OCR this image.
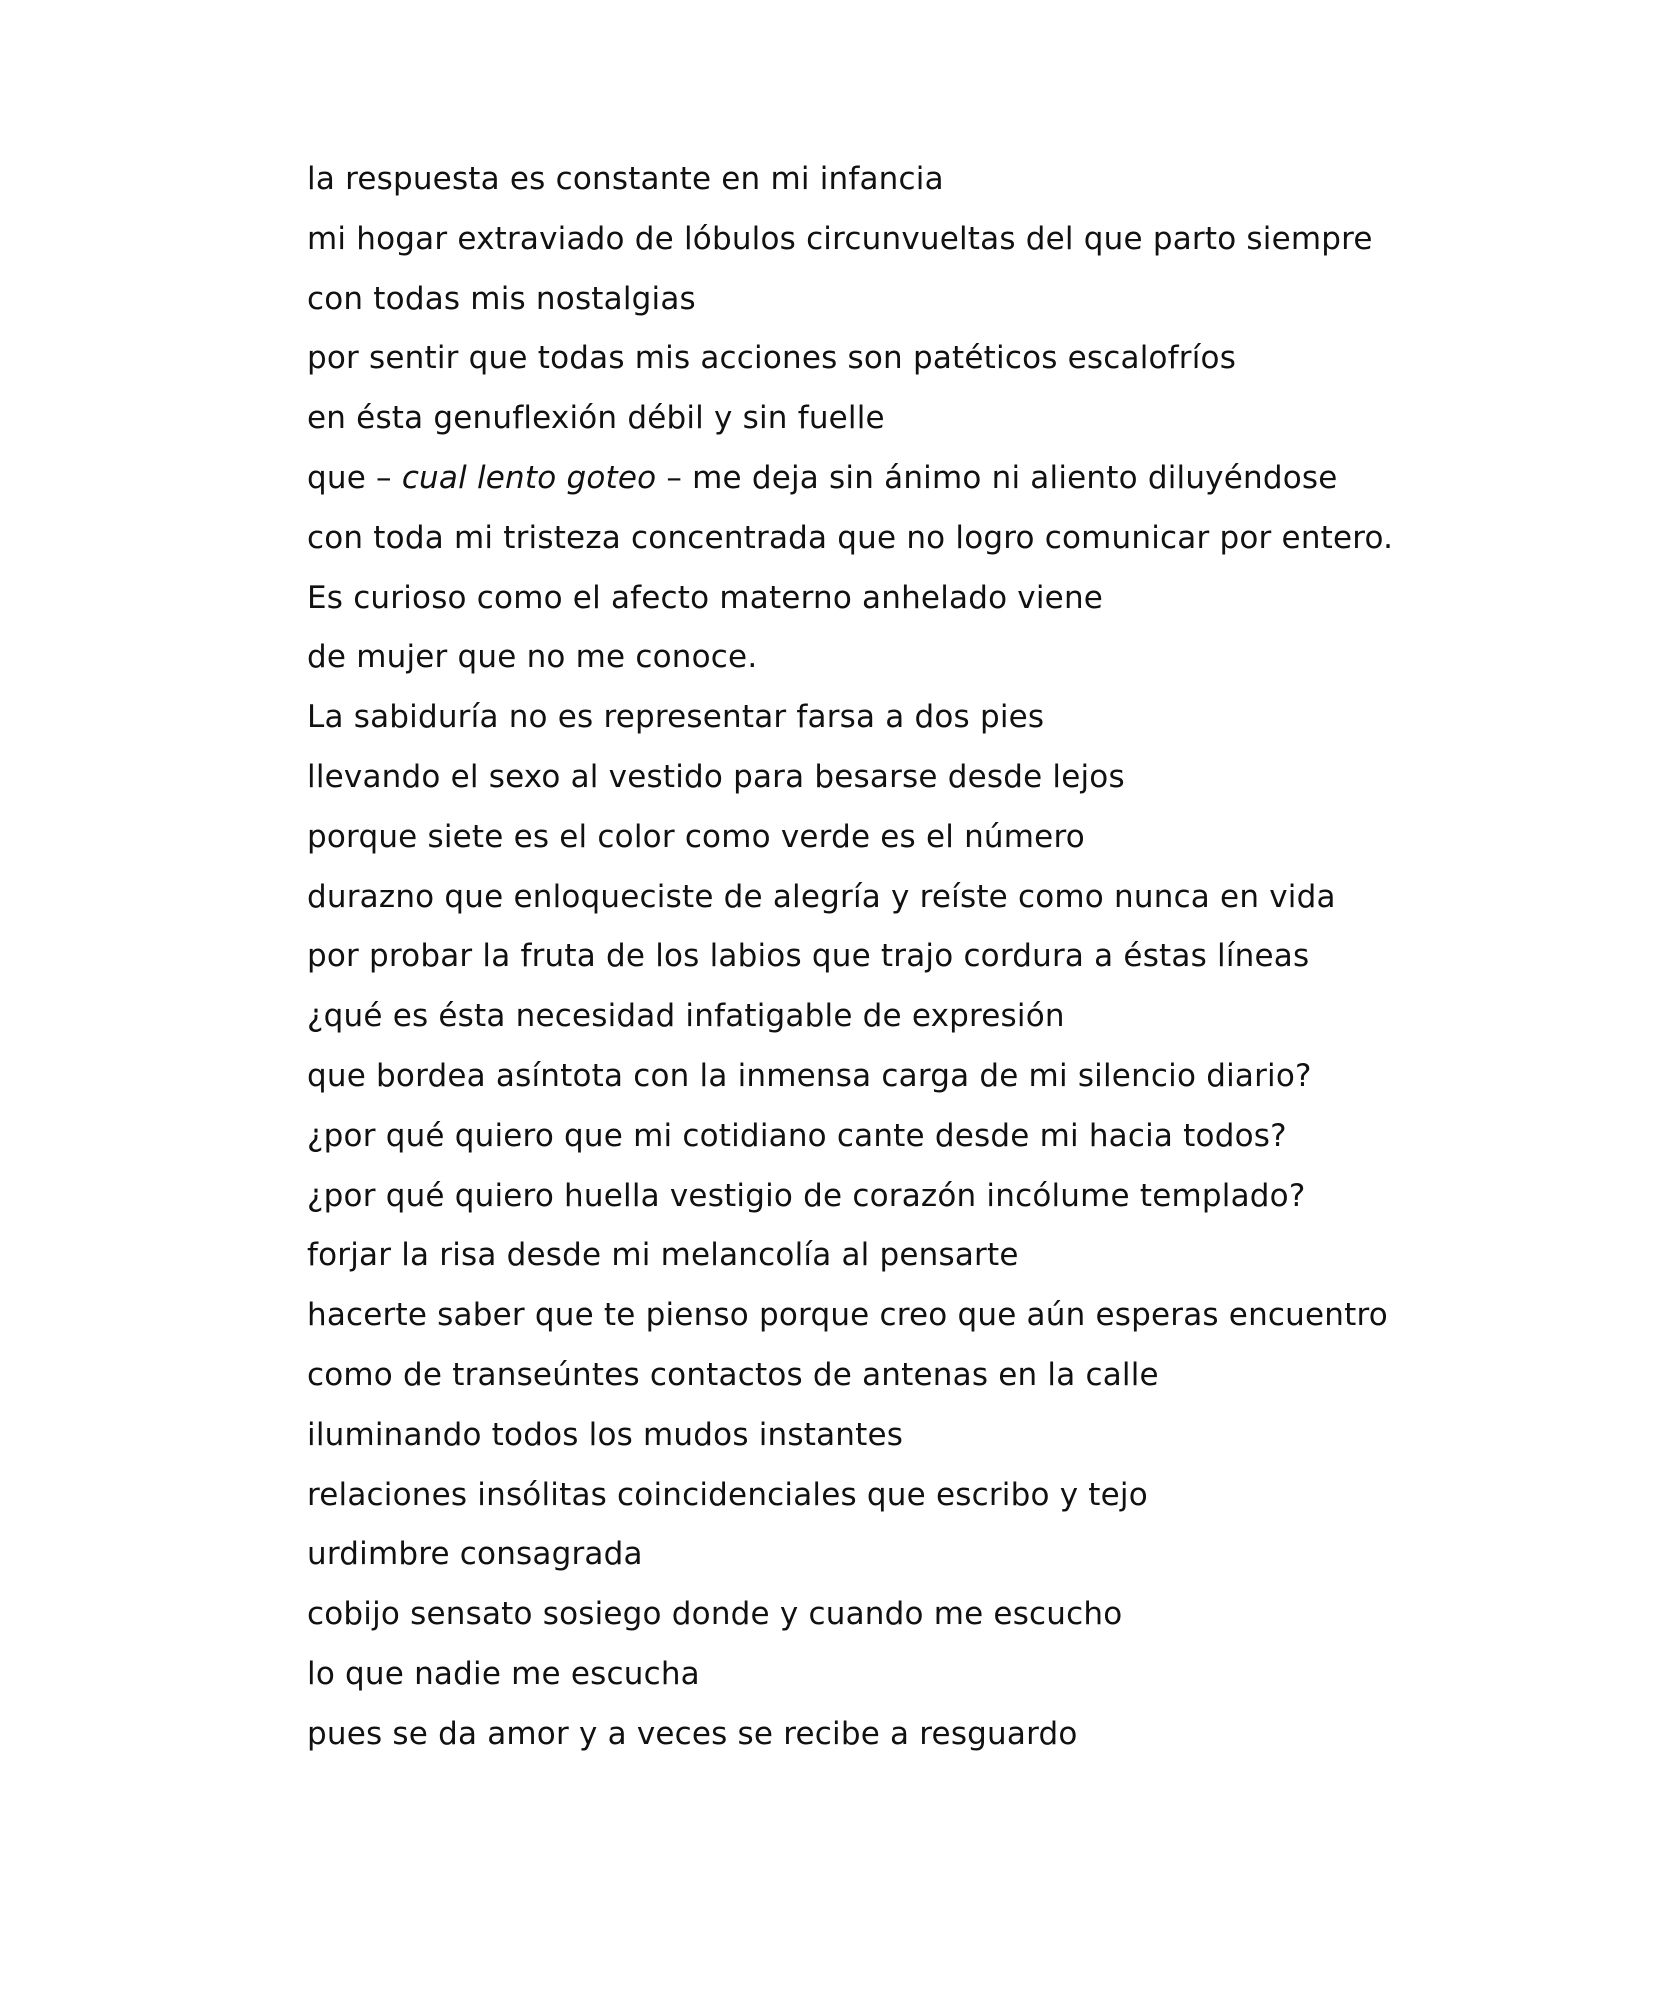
la respuesta es constante en mi infancia
mi hogar extraviado de lóbulos circunvueltas del que parto siempre
con todas mis nostalgias
por sentir que todas mis acciones son patéticos escalofríos
en ésta genuflexión débil y sin fuelle
que – cual lento goteo – me deja sin ánimo ni aliento diluyéndose
con toda mi tristeza concentrada que no logro comunicar por entero.
Es curioso como el afecto materno anhelado viene
de mujer que no me conoce.
La sabiduría no es representar farsa a dos pies
llevando el sexo al vestido para besarse desde lejos
porque siete es el color como verde es el número
durazno que enloqueciste de alegría y reíste como nunca en vida
por probar la fruta de los labios que trajo cordura a éstas líneas
¿qué es ésta necesidad infatigable de expresión
que bordea asíntota con la inmensa carga de mi silencio diario?
¿por qué quiero que mi cotidiano cante desde mi hacia todos?
¿por qué quiero huella vestigio de corazón incólume templado?
forjar la risa desde mi melancolía al pensarte
hacerte saber que te pienso porque creo que aún esperas encuentro
como de transeúntes contactos de antenas en la calle
iluminando todos los mudos instantes
relaciones insólitas coincidenciales que escribo y tejo
urdimbre consagrada
cobijo sensato sosiego donde y cuando me escucho
lo que nadie me escucha
pues se da amor y a veces se recibe a resguardo
